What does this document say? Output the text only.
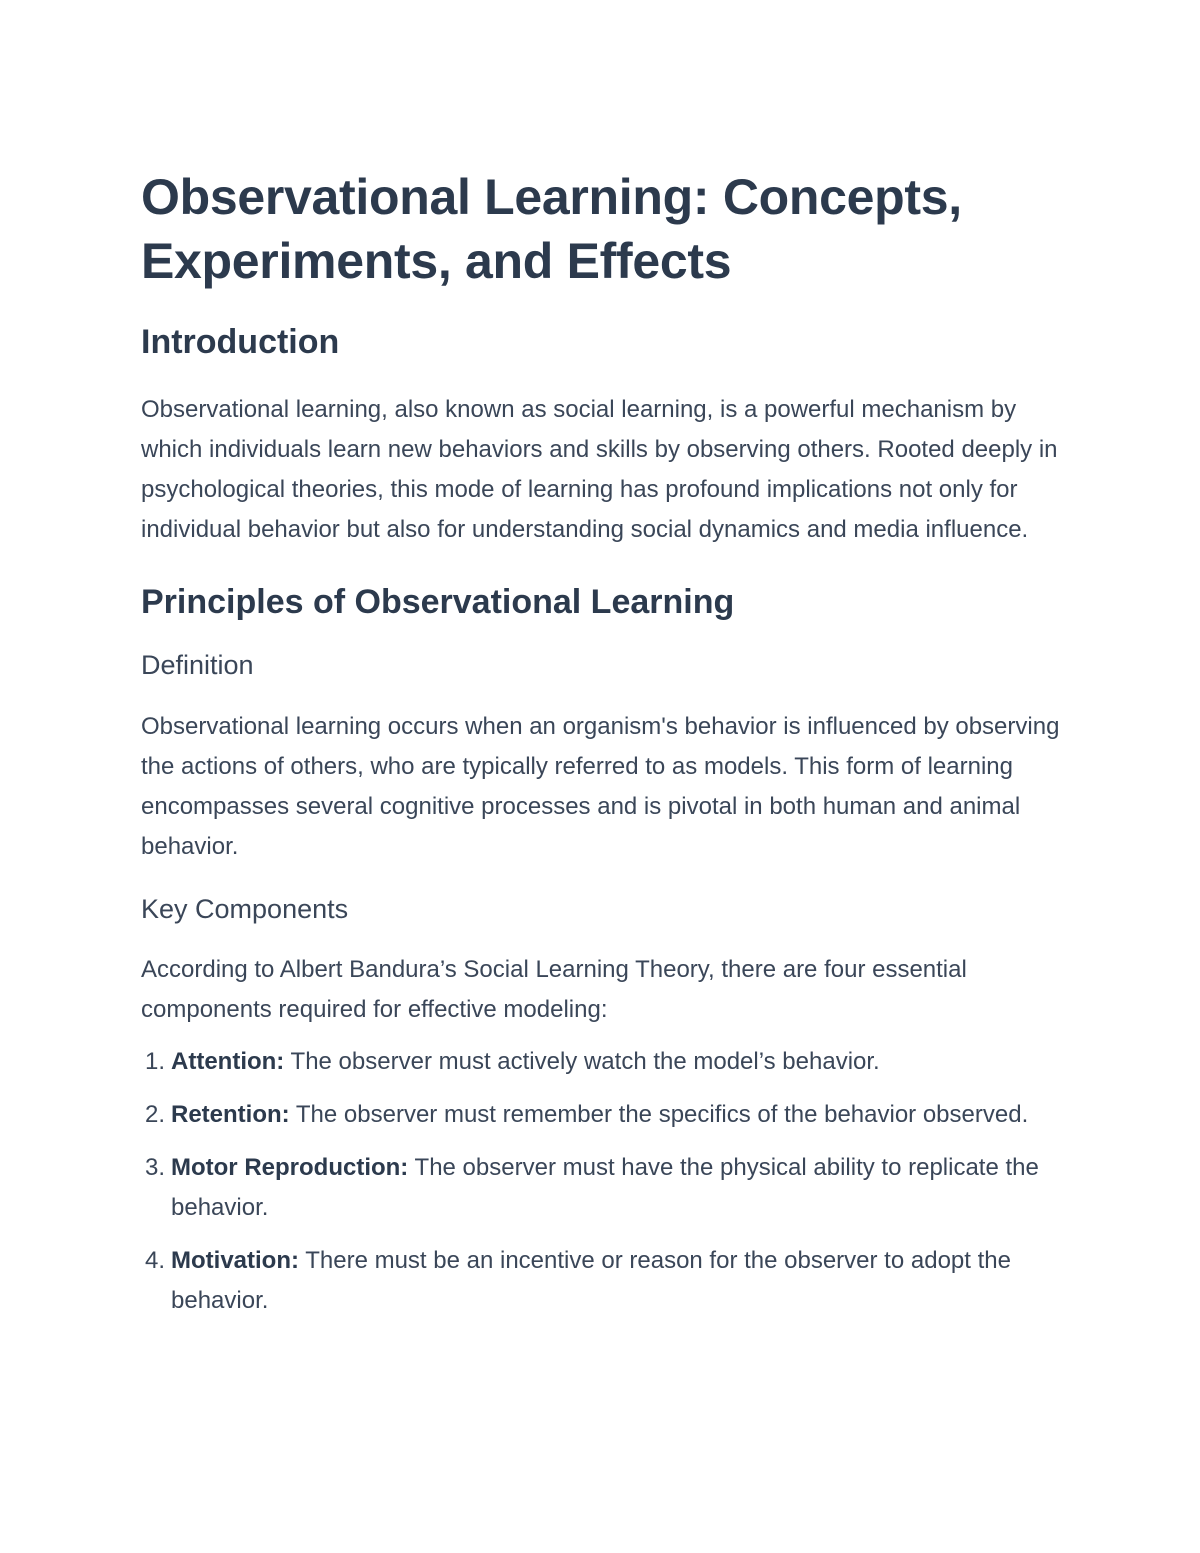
Observational Learning: Concepts, Experiments, and Effects
Introduction

Observational learning, also known as social learning, is a powerful mechanism by which individuals learn new behaviors and skills by observing others. Rooted deeply in psychological theories, this mode of learning has profound implications not only for individual behavior but also for understanding social dynamics and media influence.

Principles of Observational Learning
Definition

Observational learning occurs when an organism's behavior is influenced by observing the actions of others, who are typically referred to as models. This form of learning encompasses several cognitive processes and is pivotal in both human and animal behavior.

Key Components

According to Albert Bandura’s Social Learning Theory, there are four essential components required for effective modeling:

1. Attention: The observer must actively watch the model’s behavior.
2. Retention: The observer must remember the specifics of the behavior observed.
3. Motor Reproduction: The observer must have the physical ability to replicate the behavior.
4. Motivation: There must be an incentive or reason for the observer to adopt the behavior.
